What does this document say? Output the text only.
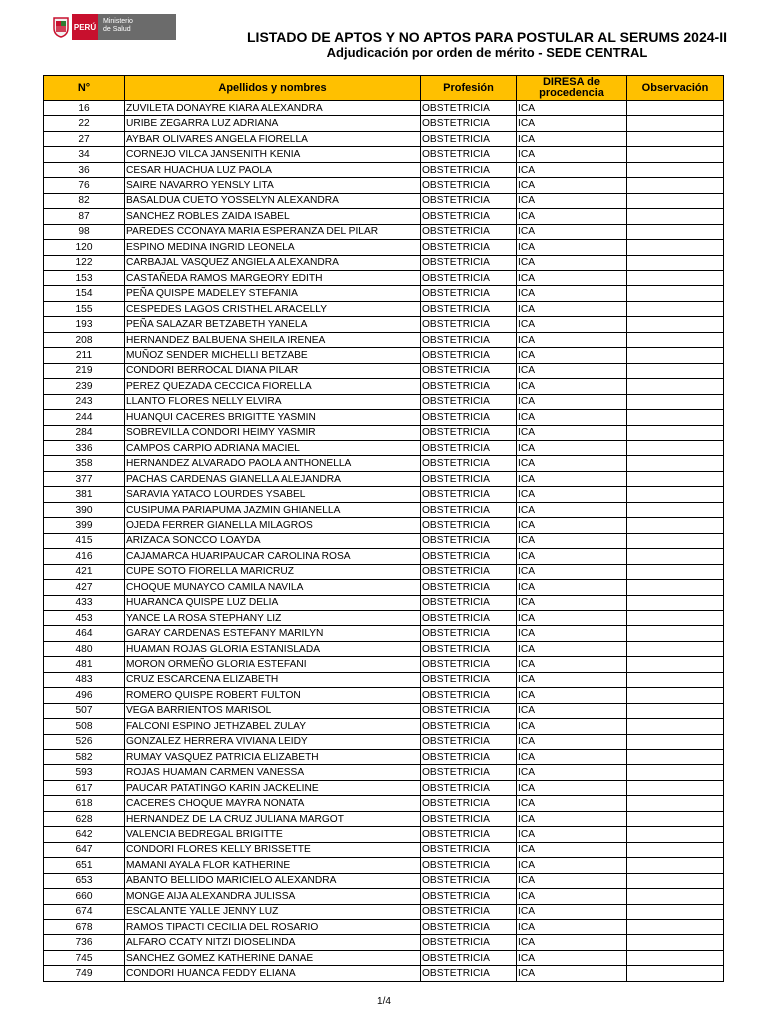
PERÚ
Ministerio
de Salud	LISTADO DE APTOS Y NO APTOS PARA POSTULAR AL SERUMS 2024-II
Adjudicación por orden de mérito - SEDE CENTRAL
N°	Apellidos y nombres	Profesión	DIRESA de procedencia	Observación
16	ZUVILETA DONAYRE KIARA ALEXANDRA	OBSTETRICIA	ICA	
22	URIBE ZEGARRA LUZ ADRIANA	OBSTETRICIA	ICA	
27	AYBAR OLIVARES ANGELA FIORELLA	OBSTETRICIA	ICA	
34	CORNEJO VILCA JANSENITH KENIA	OBSTETRICIA	ICA	
36	CESAR HUACHUA LUZ PAOLA	OBSTETRICIA	ICA	
76	SAIRE NAVARRO YENSLY LITA	OBSTETRICIA	ICA	
82	BASALDUA CUETO YOSSELYN ALEXANDRA	OBSTETRICIA	ICA	
87	SANCHEZ ROBLES ZAIDA ISABEL	OBSTETRICIA	ICA	
98	PAREDES CCONAYA MARIA ESPERANZA DEL PILAR	OBSTETRICIA	ICA	
120	ESPINO MEDINA INGRID LEONELA	OBSTETRICIA	ICA	
122	CARBAJAL VASQUEZ ANGIELA ALEXANDRA	OBSTETRICIA	ICA	
153	CASTAÑEDA RAMOS MARGEORY EDITH	OBSTETRICIA	ICA	
154	PEÑA QUISPE MADELEY STEFANIA	OBSTETRICIA	ICA	
155	CESPEDES LAGOS CRISTHEL ARACELLY	OBSTETRICIA	ICA	
193	PEÑA SALAZAR BETZABETH YANELA	OBSTETRICIA	ICA	
208	HERNANDEZ BALBUENA SHEILA IRENEA	OBSTETRICIA	ICA	
211	MUÑOZ SENDER MICHELLI BETZABE	OBSTETRICIA	ICA	
219	CONDORI BERROCAL DIANA PILAR	OBSTETRICIA	ICA	
239	PEREZ QUEZADA CECCICA FIORELLA	OBSTETRICIA	ICA	
243	LLANTO FLORES NELLY ELVIRA	OBSTETRICIA	ICA	
244	HUANQUI CACERES BRIGITTE YASMIN	OBSTETRICIA	ICA	
284	SOBREVILLA CONDORI HEIMY YASMIR	OBSTETRICIA	ICA	
336	CAMPOS CARPIO ADRIANA MACIEL	OBSTETRICIA	ICA	
358	HERNANDEZ ALVARADO PAOLA ANTHONELLA	OBSTETRICIA	ICA	
377	PACHAS CARDENAS GIANELLA ALEJANDRA	OBSTETRICIA	ICA	
381	SARAVIA YATACO LOURDES YSABEL	OBSTETRICIA	ICA	
390	CUSIPUMA PARIAPUMA JAZMIN GHIANELLA	OBSTETRICIA	ICA	
399	OJEDA FERRER GIANELLA MILAGROS	OBSTETRICIA	ICA	
415	ARIZACA SONCCO LOAYDA	OBSTETRICIA	ICA	
416	CAJAMARCA HUARIPAUCAR CAROLINA ROSA	OBSTETRICIA	ICA	
421	CUPE SOTO FIORELLA MARICRUZ	OBSTETRICIA	ICA	
427	CHOQUE MUNAYCO CAMILA NAVILA	OBSTETRICIA	ICA	
433	HUARANCA QUISPE LUZ DELIA	OBSTETRICIA	ICA	
453	YANCE LA ROSA STEPHANY LIZ	OBSTETRICIA	ICA	
464	GARAY CARDENAS ESTEFANY MARILYN	OBSTETRICIA	ICA	
480	HUAMAN ROJAS GLORIA ESTANISLADA	OBSTETRICIA	ICA	
481	MORON ORMEÑO GLORIA ESTEFANI	OBSTETRICIA	ICA	
483	CRUZ ESCARCENA ELIZABETH	OBSTETRICIA	ICA	
496	ROMERO QUISPE ROBERT FULTON	OBSTETRICIA	ICA	
507	VEGA BARRIENTOS MARISOL	OBSTETRICIA	ICA	
508	FALCONI ESPINO JETHZABEL ZULAY	OBSTETRICIA	ICA	
526	GONZALEZ HERRERA VIVIANA LEIDY	OBSTETRICIA	ICA	
582	RUMAY VASQUEZ PATRICIA ELIZABETH	OBSTETRICIA	ICA	
593	ROJAS HUAMAN CARMEN VANESSA	OBSTETRICIA	ICA	
617	PAUCAR PATATINGO KARIN JACKELINE	OBSTETRICIA	ICA	
618	CACERES CHOQUE MAYRA NONATA	OBSTETRICIA	ICA	
628	HERNANDEZ DE LA CRUZ JULIANA MARGOT	OBSTETRICIA	ICA	
642	VALENCIA BEDREGAL BRIGITTE	OBSTETRICIA	ICA	
647	CONDORI FLORES KELLY BRISSETTE	OBSTETRICIA	ICA	
651	MAMANI AYALA FLOR KATHERINE	OBSTETRICIA	ICA	
653	ABANTO BELLIDO MARICIELO ALEXANDRA	OBSTETRICIA	ICA	
660	MONGE AIJA ALEXANDRA JULISSA	OBSTETRICIA	ICA	
674	ESCALANTE YALLE JENNY LUZ	OBSTETRICIA	ICA	
678	RAMOS TIPACTI CECILIA DEL ROSARIO	OBSTETRICIA	ICA	
736	ALFARO CCATY NITZI DIOSELINDA	OBSTETRICIA	ICA	
745	SANCHEZ GOMEZ KATHERINE DANAE	OBSTETRICIA	ICA	
749	CONDORI HUANCA FEDDY ELIANA	OBSTETRICIA	ICA	
1/4
